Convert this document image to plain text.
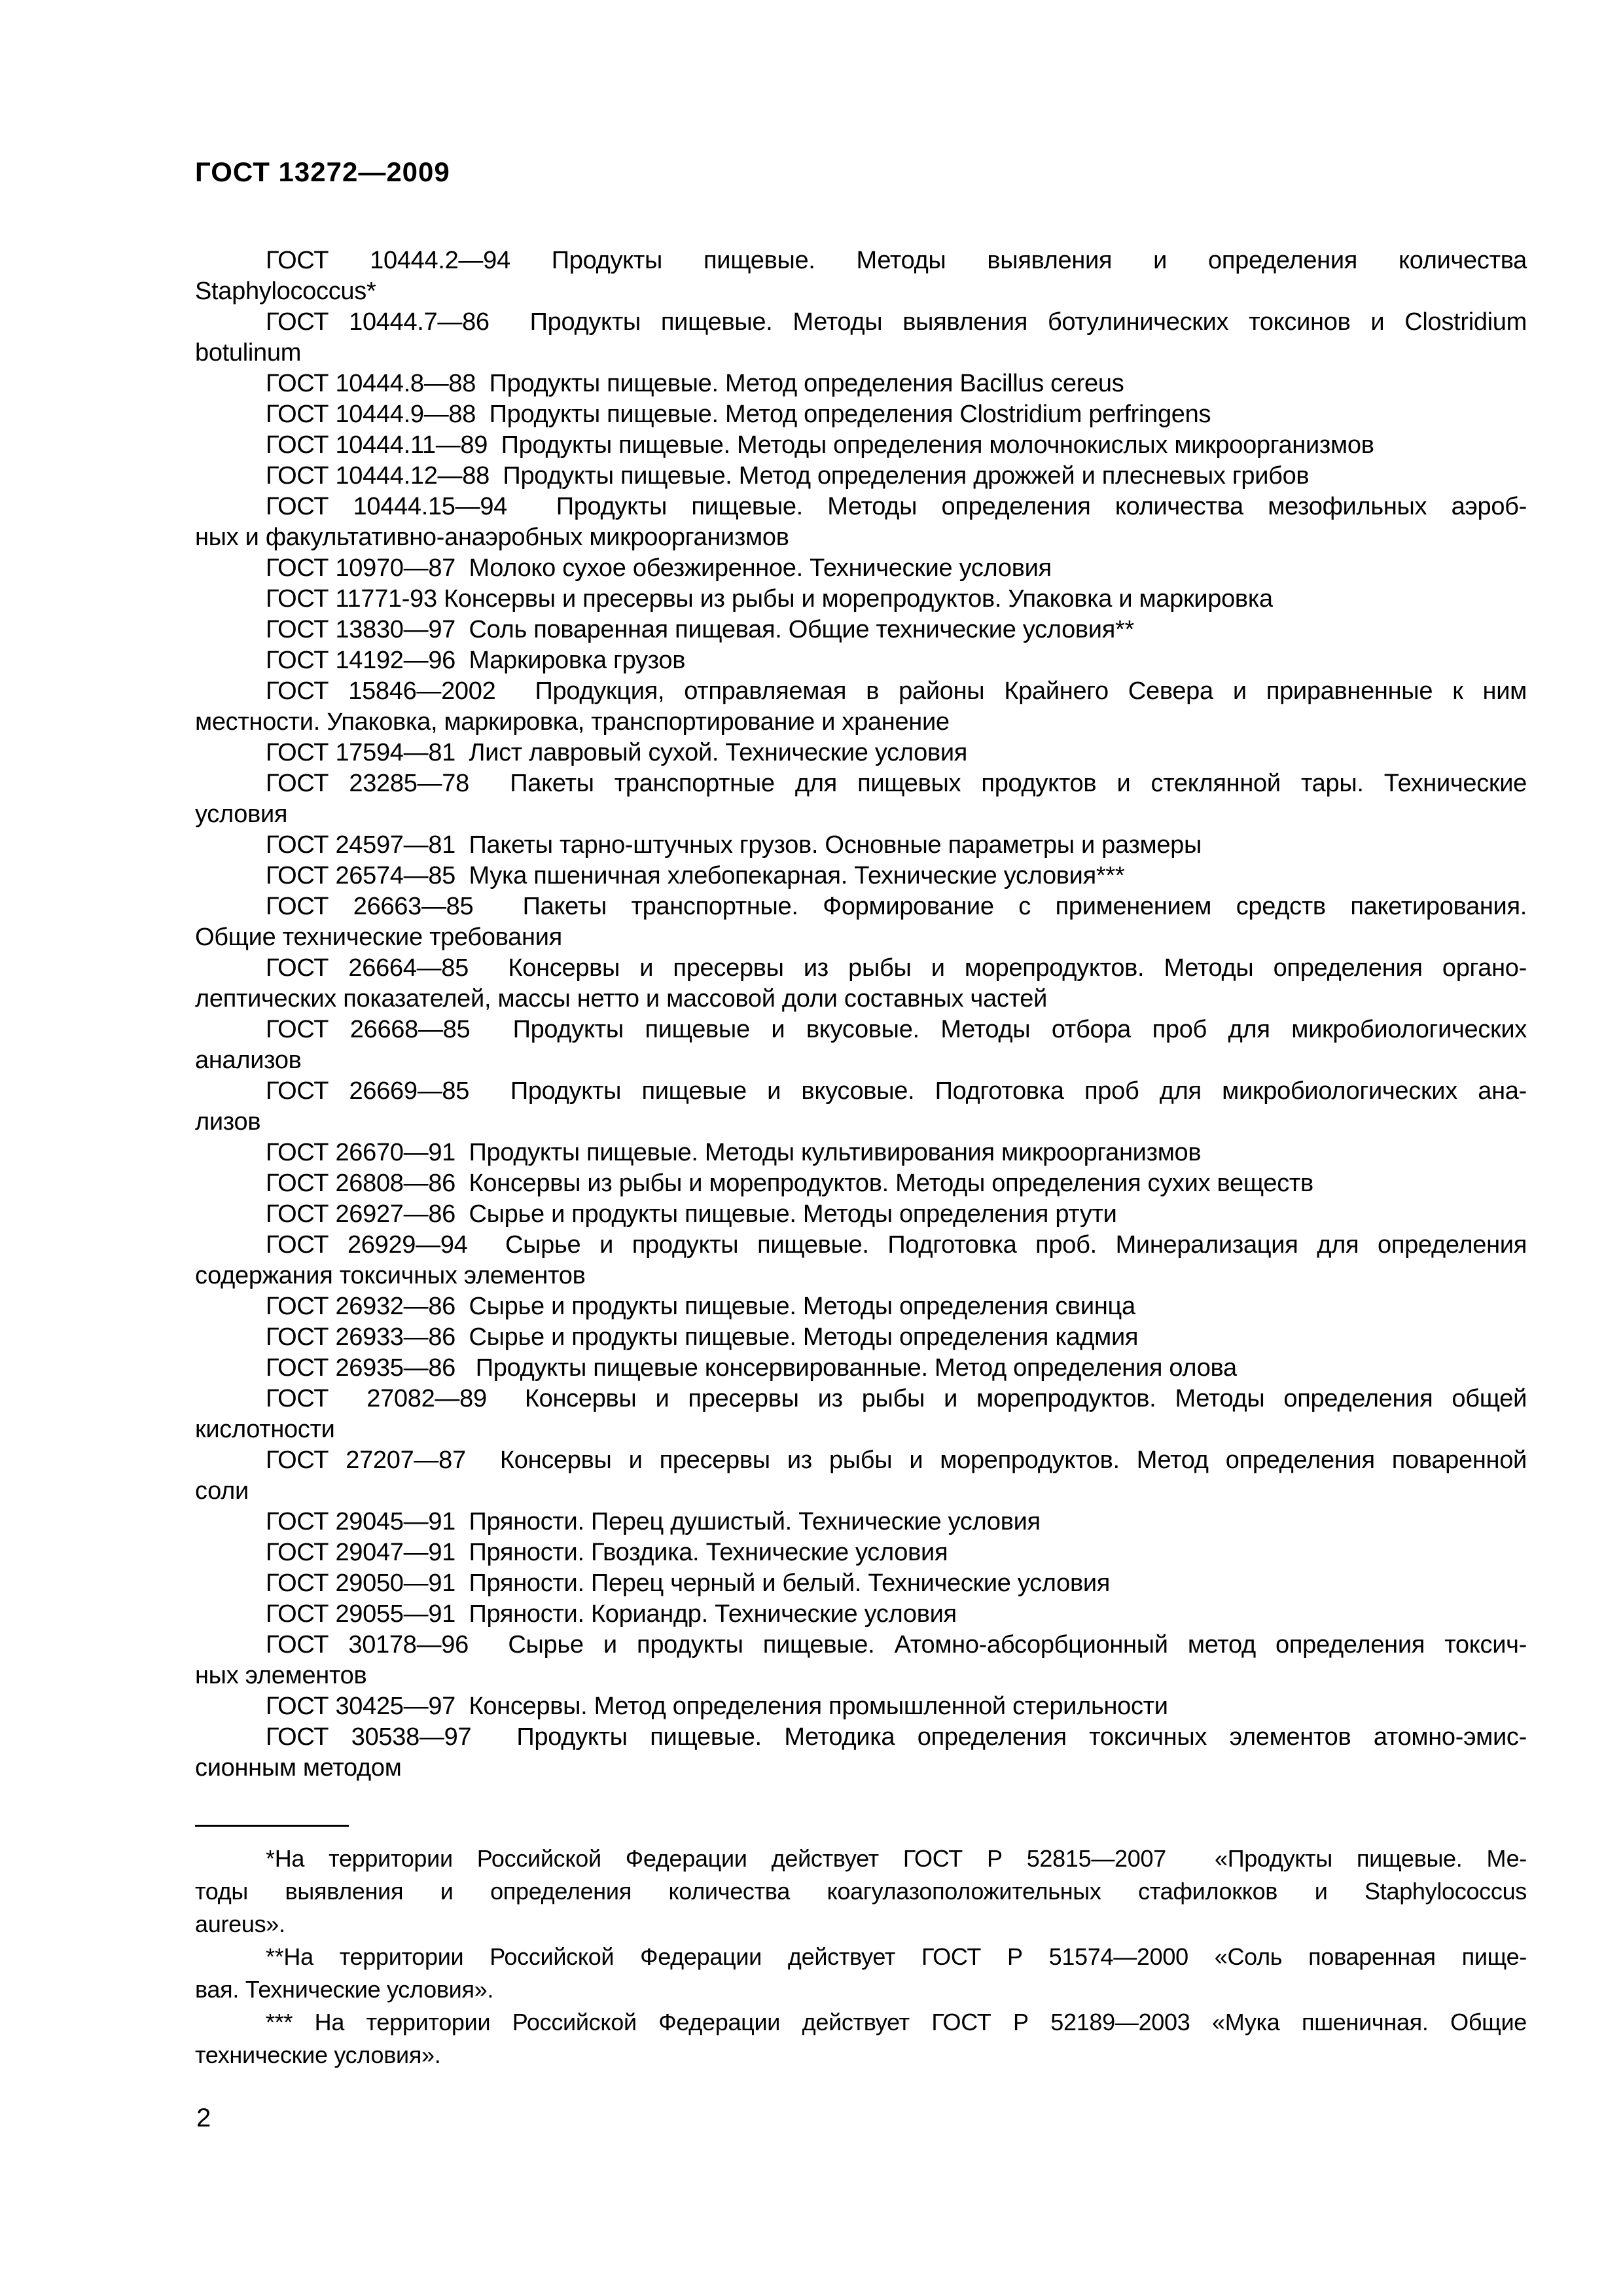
ГОСТ 13272—2009
ГОСТ 10444.2—94 Продукты пищевые. Методы выявления и определения количества
Staphylococcus*
ГОСТ 10444.7—86  Продукты пищевые. Методы выявления ботулинических токсинов и Clostridium
botulinum
ГОСТ 10444.8—88  Продукты пищевые. Метод определения Bacillus cereus
ГОСТ 10444.9—88  Продукты пищевые. Метод определения Clostridium perfringens
ГОСТ 10444.11—89  Продукты пищевые. Методы определения молочнокислых микроорганизмов
ГОСТ 10444.12—88  Продукты пищевые. Метод определения дрожжей и плесневых грибов
ГОСТ 10444.15—94  Продукты пищевые. Методы определения количества мезофильных аэроб-
ных и факультативно-анаэробных микроорганизмов
ГОСТ 10970—87  Молоко сухое обезжиренное. Технические условия
ГОСТ 11771-93 Консервы и пресервы из рыбы и морепродуктов. Упаковка и маркировка
ГОСТ 13830—97  Соль поваренная пищевая. Общие технические условия**
ГОСТ 14192—96  Маркировка грузов
ГОСТ 15846—2002  Продукция, отправляемая в районы Крайнего Севера и приравненные к ним
местности. Упаковка, маркировка, транспортирование и хранение
ГОСТ 17594—81  Лист лавровый сухой. Технические условия
ГОСТ 23285—78  Пакеты транспортные для пищевых продуктов и стеклянной тары. Технические
условия
ГОСТ 24597—81  Пакеты тарно-штучных грузов. Основные параметры и размеры
ГОСТ 26574—85  Мука пшеничная хлебопекарная. Технические условия***
ГОСТ 26663—85  Пакеты транспортные. Формирование с применением средств пакетирования.
Общие технические требования
ГОСТ 26664—85  Консервы и пресервы из рыбы и морепродуктов. Методы определения органо-
лептических показателей, массы нетто и массовой доли составных частей
ГОСТ 26668—85  Продукты пищевые и вкусовые. Методы отбора проб для микробиологических
анализов
ГОСТ 26669—85  Продукты пищевые и вкусовые. Подготовка проб для микробиологических ана-
лизов
ГОСТ 26670—91  Продукты пищевые. Методы культивирования микроорганизмов
ГОСТ 26808—86  Консервы из рыбы и морепродуктов. Методы определения сухих веществ
ГОСТ 26927—86  Сырье и продукты пищевые. Методы определения ртути
ГОСТ 26929—94  Сырье и продукты пищевые. Подготовка проб. Минерализация для определения
содержания токсичных элементов
ГОСТ 26932—86  Сырье и продукты пищевые. Методы определения свинца
ГОСТ 26933—86  Сырье и продукты пищевые. Методы определения кадмия
ГОСТ 26935—86   Продукты пищевые консервированные. Метод определения олова
ГОСТ  27082—89  Консервы и пресервы из рыбы и морепродуктов. Методы определения общей
кислотности
ГОСТ 27207—87  Консервы и пресервы из рыбы и морепродуктов. Метод определения поваренной
соли
ГОСТ 29045—91  Пряности. Перец душистый. Технические условия
ГОСТ 29047—91  Пряности. Гвоздика. Технические условия
ГОСТ 29050—91  Пряности. Перец черный и белый. Технические условия
ГОСТ 29055—91  Пряности. Кориандр. Технические условия
ГОСТ 30178—96  Сырье и продукты пищевые. Атомно-абсорбционный метод определения токсич-
ных элементов
ГОСТ 30425—97  Консервы. Метод определения промышленной стерильности
ГОСТ 30538—97  Продукты пищевые. Методика определения токсичных элементов атомно-эмис-
сионным методом
*На территории Российской Федерации действует ГОСТ Р 52815—2007  «Продукты пищевые. Ме-
тоды выявления и определения количества коагулазоположительных стафилокков и Staphylococcus
aureus».
**На территории Российской Федерации действует ГОСТ Р 51574—2000 «Соль поваренная пище-
вая. Технические условия».
*** На территории Российской Федерации действует ГОСТ Р 52189—2003 «Мука пшеничная. Общие
технические условия».
2
